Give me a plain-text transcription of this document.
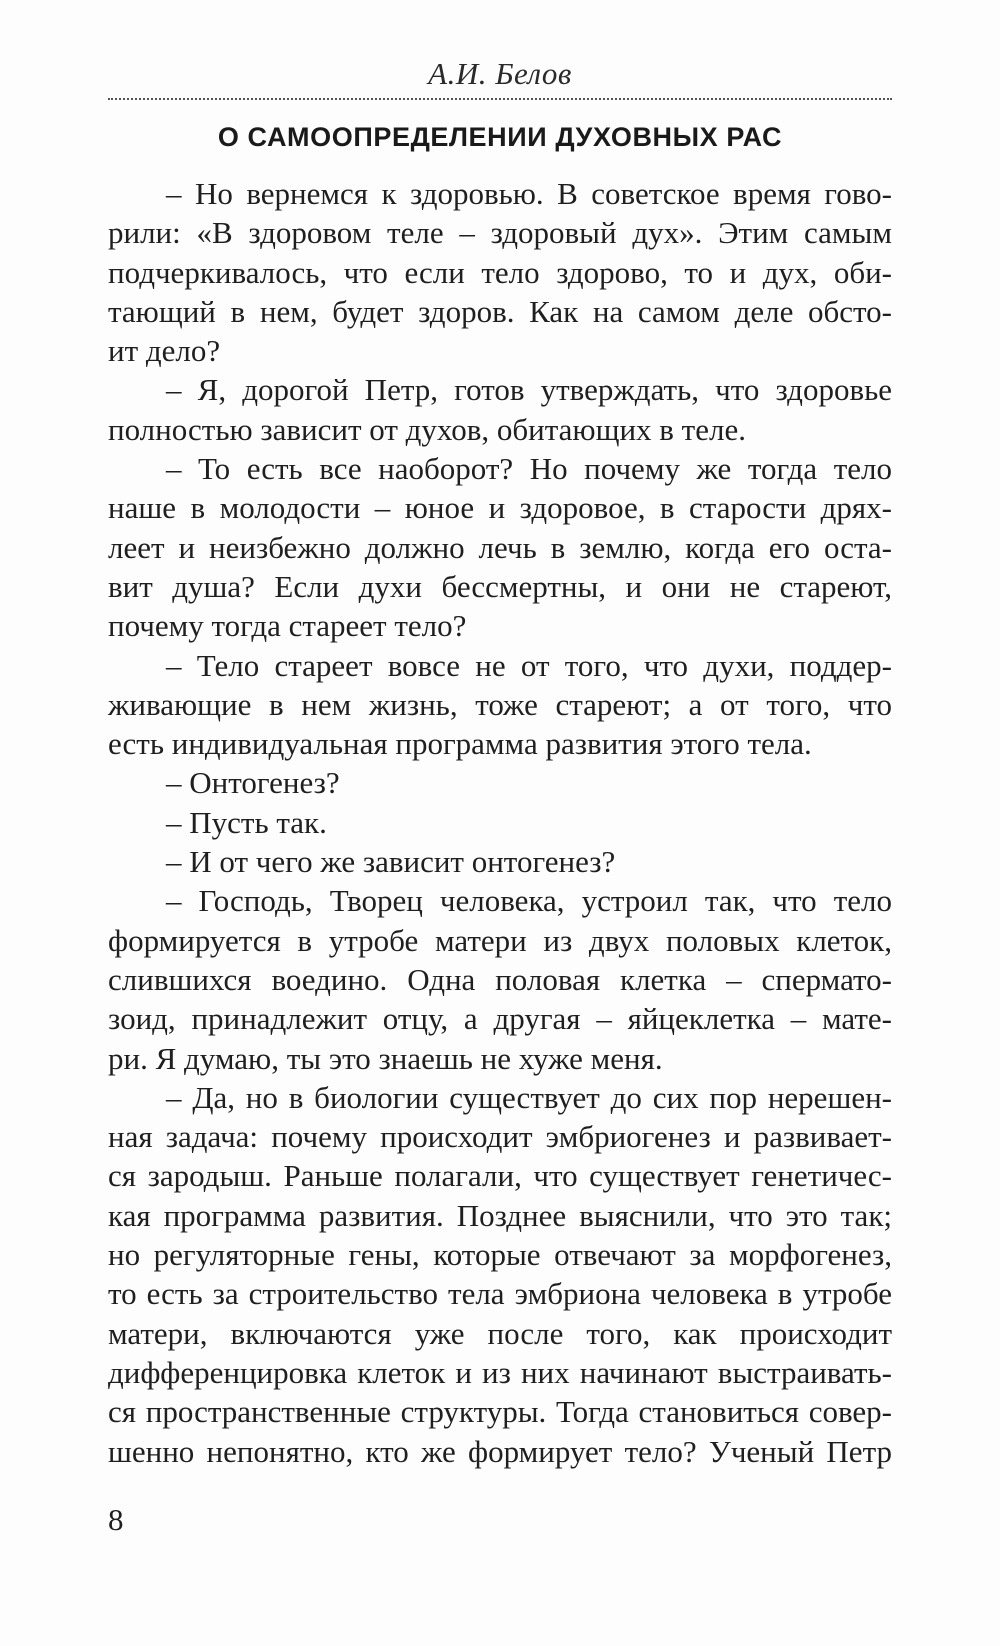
А.И. Белов
О САМООПРЕДЕЛЕНИИ ДУХОВНЫХ РАС
– Но вернемся к здоровью. В советское время гово-
рили: «В здоровом теле – здоровый дух». Этим самым
подчеркивалось, что если тело здорово, то и дух, оби-
тающий в нем, будет здоров. Как на самом деле обсто-
ит дело?
– Я, дорогой Петр, готов утверждать, что здоровье
полностью зависит от духов, обитающих в теле.
– То есть все наоборот? Но почему же тогда тело
наше в молодости – юное и здоровое, в старости дрях-
леет и неизбежно должно лечь в землю, когда его оста-
вит душа? Если духи бессмертны, и они не стареют,
почему тогда стареет тело?
– Тело стареет вовсе не от того, что духи, поддер-
живающие в нем жизнь, тоже стареют; а от того, что
есть индивидуальная программа развития этого тела.
– Онтогенез?
– Пусть так.
– И от чего же зависит онтогенез?
– Господь, Творец человека, устроил так, что тело
формируется в утробе матери из двух половых клеток,
слившихся воедино. Одна половая клетка – спермато-
зоид, принадлежит отцу, а другая – яйцеклетка – мате-
ри. Я думаю, ты это знаешь не хуже меня.
– Да, но в биологии существует до сих пор нерешен-
ная задача: почему происходит эмбриогенез и развивает-
ся зародыш. Раньше полагали, что существует генетичес-
кая программа развития. Позднее выяснили, что это так;
но регуляторные гены, которые отвечают за морфогенез,
то есть за строительство тела эмбриона человека в утробе
матери, включаются уже после того, как происходит
дифференцировка клеток и из них начинают выстраивать-
ся пространственные структуры. Тогда становиться совер-
шенно непонятно, кто же формирует тело? Ученый Петр
8
